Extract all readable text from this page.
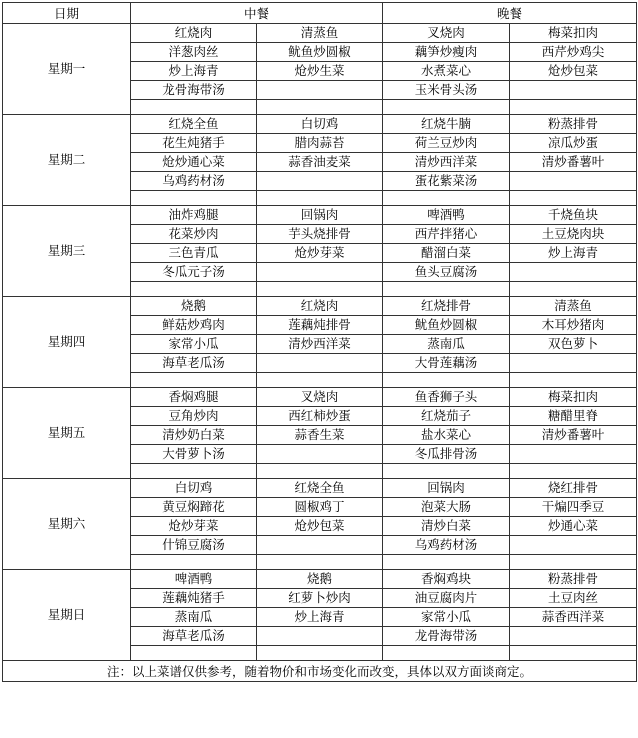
日期	中餐		晚餐	
星期一	红烧肉	清蒸鱼	叉烧肉	梅菜扣肉
	洋葱肉丝	鱿鱼炒圆椒	藕笋炒瘦肉	西芹炒鸡尖
	炒上海青	炝炒生菜	水煮菜心	炝炒包菜
	龙骨海带汤		玉米骨头汤	

星期二	红烧全鱼	白切鸡	红烧牛腩	粉蒸排骨
	花生炖猪手	腊肉蒜苔	荷兰豆炒肉	凉瓜炒蛋
	炝炒通心菜	蒜香油麦菜	清炒西洋菜	清炒番薯叶
	乌鸡药材汤		蛋花紫菜汤	

星期三	油炸鸡腿	回锅肉	啤酒鸭	千烧鱼块
	花菜炒肉	芋头烧排骨	西芹拌猪心	土豆烧肉块
	三色青瓜	炝炒芽菜	醋溜白菜	炒上海青
	冬瓜元子汤		鱼头豆腐汤	

星期四	烧鹅	红烧肉	红烧排骨	清蒸鱼
	鲜菇炒鸡肉	莲藕炖排骨	鱿鱼炒圆椒	木耳炒猪肉
	家常小瓜	清炒西洋菜	蒸南瓜	双色萝卜
	海草老瓜汤		大骨莲藕汤	

星期五	香焖鸡腿	叉烧肉	鱼香狮子头	梅菜扣肉
	豆角炒肉	西红柿炒蛋	红烧茄子	糖醋里脊
	清炒奶白菜	蒜香生菜	盐水菜心	清炒番薯叶
	大骨萝卜汤		冬瓜排骨汤	

星期六	白切鸡	红烧全鱼	回锅肉	烧红排骨
	黄豆焖蹄花	圆椒鸡丁	泡菜大肠	干煸四季豆
	炝炒芽菜	炝炒包菜	清炒白菜	炒通心菜
	什锦豆腐汤		乌鸡药材汤	

星期日	啤酒鸭	烧鹅	香焖鸡块	粉蒸排骨
	莲藕炖猪手	红萝卜炒肉	油豆腐肉片	土豆肉丝
	蒸南瓜	炒上海青	家常小瓜	蒜香西洋菜
	海草老瓜汤		龙骨海带汤	

注：以上菜谱仅供参考，随着物价和市场变化而改变，具体以双方面谈商定。				
